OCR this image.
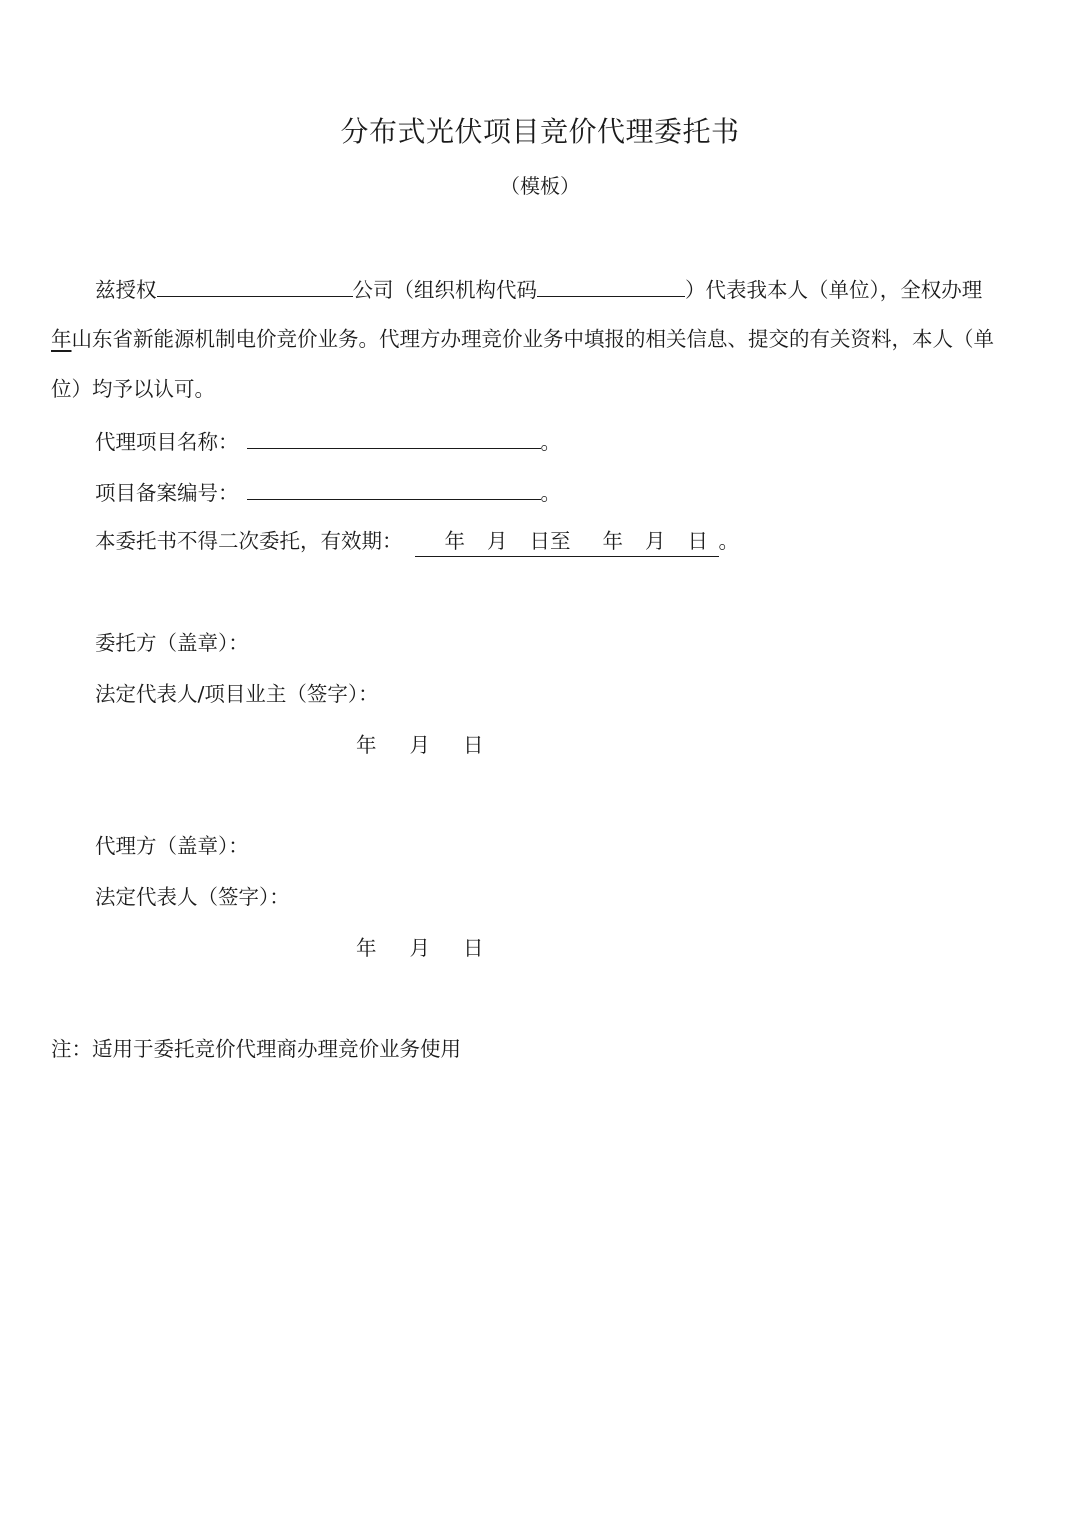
分布式光伏项目竞价代理委托书
（模板）
兹授权	公司（组织机构代码	）代表我本人（单位），全权办理
年山东省新能源机制电价竞价业务。代理方办理竞价业务中填报的相关信息、提交的有关资料，本人（单
位）均予以认可。
代理项目名称：	。
项目备案编号：	。
本委托书不得二次委托，有效期： 年 月 日至 年 月 日 。
委托方（盖章）：
法定代表人/项目业主（签字）：
年 月 日
代理方（盖章）：
法定代表人（签字）：
年 月 日
注：适用于委托竞价代理商办理竞价业务使用
